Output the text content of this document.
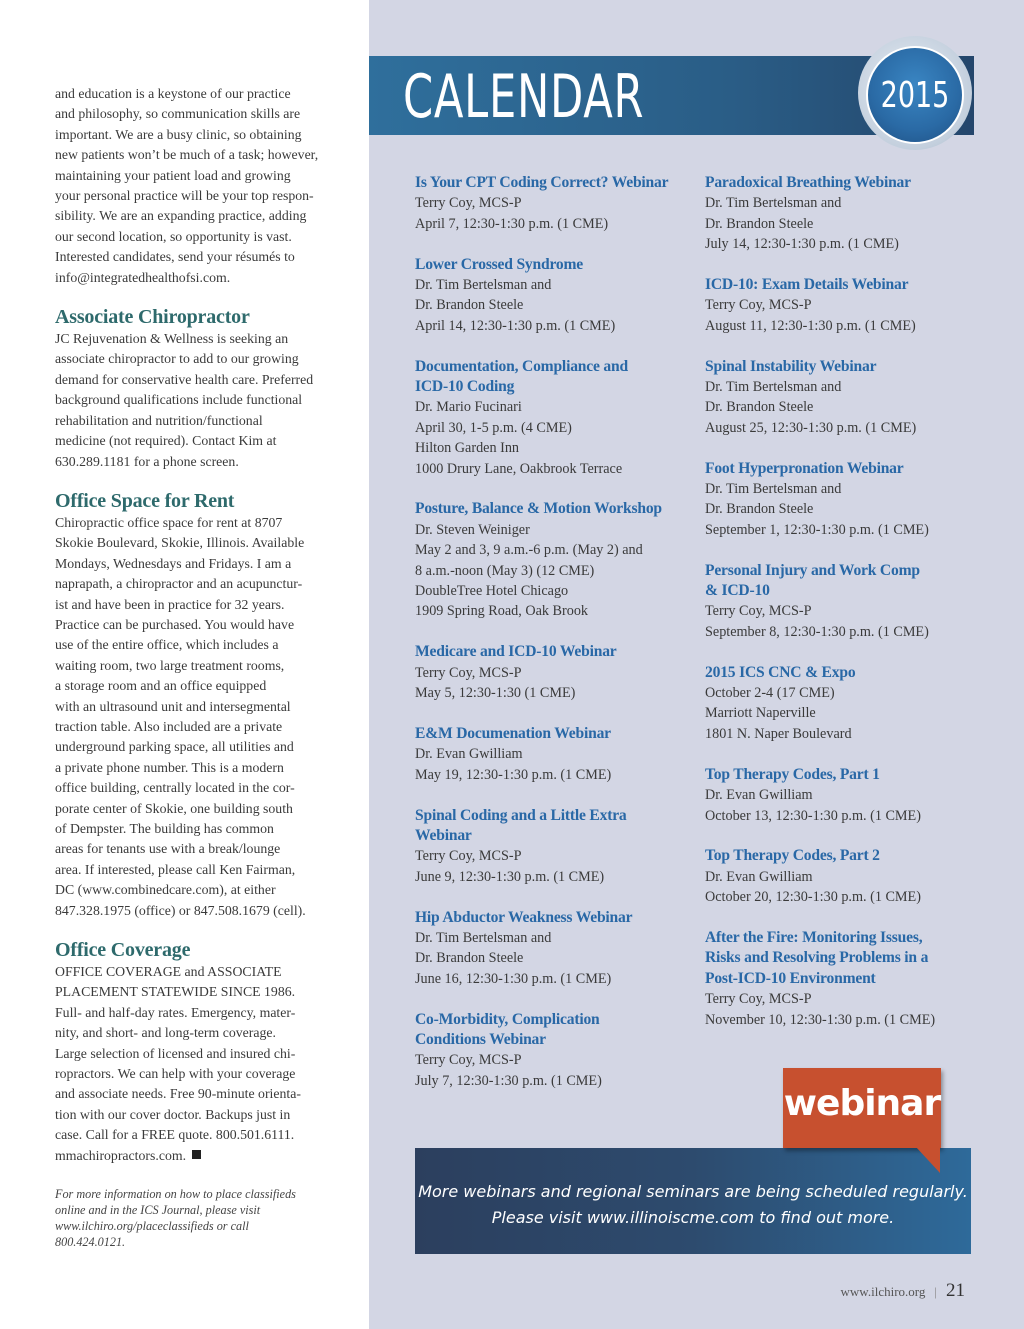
and education is a keystone of our practice
and philosophy, so communication skills are
important. We are a busy clinic, so obtaining
new patients won’t be much of a task; however,
maintaining your patient load and growing
your personal practice will be your top respon-
sibility. We are an expanding practice, adding
our second location, so opportunity is vast.
Interested candidates, send your résumés to
info@integratedhealthofsi.com.

Associate Chiropractor

JC Rejuvenation & Wellness is seeking an
associate chiropractor to add to our growing
demand for conservative health care. Preferred
background qualifications include functional
rehabilitation and nutrition/functional
medicine (not required). Contact Kim at
630.289.1181 for a phone screen.

Office Space for Rent

Chiropractic office space for rent at 8707
Skokie Boulevard, Skokie, Illinois. Available
Mondays, Wednesdays and Fridays. I am a
naprapath, a chiropractor and an acupunctur-
ist and have been in practice for 32 years.
Practice can be purchased. You would have
use of the entire office, which includes a
waiting room, two large treatment rooms,
a storage room and an office equipped
with an ultrasound unit and intersegmental
traction table. Also included are a private
underground parking space, all utilities and
a private phone number. This is a modern
office building, centrally located in the cor-
porate center of Skokie, one building south
of Dempster. The building has common
areas for tenants use with a break/lounge
area. If interested, please call Ken Fairman,
DC (www.combinedcare.com), at either
847.328.1975 (office) or 847.508.1679 (cell).

Office Coverage

OFFICE COVERAGE and ASSOCIATE
PLACEMENT STATEWIDE SINCE 1986.
Full- and half-day rates. Emergency, mater-
nity, and short- and long-term coverage.
Large selection of licensed and insured chi-
ropractors. We can help with your coverage
and associate needs. Free 90-minute orienta-
tion with our cover doctor. Backups just in
case. Call for a FREE quote. 800.501.6111.
mmachiropractors.com.

For more information on how to place classifieds
online and in the ICS Journal, please visit
www.ilchiro.org/placeclassifieds or call
800.424.0121.

CALENDAR	2015
Is Your CPT Coding Correct? Webinar
Terry Coy, MCS-P
April 7, 12:30-1:30 p.m. (1 CME)
Lower Crossed Syndrome
Dr. Tim Bertelsman and
Dr. Brandon Steele
April 14, 12:30-1:30 p.m. (1 CME)
Documentation, Compliance and
ICD-10 Coding
Dr. Mario Fucinari
April 30, 1-5 p.m. (4 CME)
Hilton Garden Inn
1000 Drury Lane, Oakbrook Terrace
Posture, Balance & Motion Workshop
Dr. Steven Weiniger
May 2 and 3, 9 a.m.-6 p.m. (May 2) and
8 a.m.-noon (May 3) (12 CME)
DoubleTree Hotel Chicago
1909 Spring Road, Oak Brook
Medicare and ICD-10 Webinar
Terry Coy, MCS-P
May 5, 12:30-1:30 (1 CME)
E&M Documenation Webinar
Dr. Evan Gwilliam
May 19, 12:30-1:30 p.m. (1 CME)
Spinal Coding and a Little Extra
Webinar
Terry Coy, MCS-P
June 9, 12:30-1:30 p.m. (1 CME)
Hip Abductor Weakness Webinar
Dr. Tim Bertelsman and
Dr. Brandon Steele
June 16, 12:30-1:30 p.m. (1 CME)
Co-Morbidity, Complication
Conditions Webinar
Terry Coy, MCS-P
July 7, 12:30-1:30 p.m. (1 CME)
Paradoxical Breathing Webinar
Dr. Tim Bertelsman and
Dr. Brandon Steele
July 14, 12:30-1:30 p.m. (1 CME)
ICD-10: Exam Details Webinar
Terry Coy, MCS-P
August 11, 12:30-1:30 p.m. (1 CME)
Spinal Instability Webinar
Dr. Tim Bertelsman and
Dr. Brandon Steele
August 25, 12:30-1:30 p.m. (1 CME)
Foot Hyperpronation Webinar
Dr. Tim Bertelsman and
Dr. Brandon Steele
September 1, 12:30-1:30 p.m. (1 CME)
Personal Injury and Work Comp
& ICD-10
Terry Coy, MCS-P
September 8, 12:30-1:30 p.m. (1 CME)
2015 ICS CNC & Expo
October 2-4 (17 CME)
Marriott Naperville
1801 N. Naper Boulevard
Top Therapy Codes, Part 1
Dr. Evan Gwilliam
October 13, 12:30-1:30 p.m. (1 CME)
Top Therapy Codes, Part 2
Dr. Evan Gwilliam
October 20, 12:30-1:30 p.m. (1 CME)
After the Fire: Monitoring Issues,
Risks and Resolving Problems in a
Post-ICD-10 Environment
Terry Coy, MCS-P
November 10, 12:30-1:30 p.m. (1 CME)
More webinars and regional seminars are being scheduled regularly.
Please visit www.illinoiscme.com to find out more.
webinar
www.ilchiro.org | 21
